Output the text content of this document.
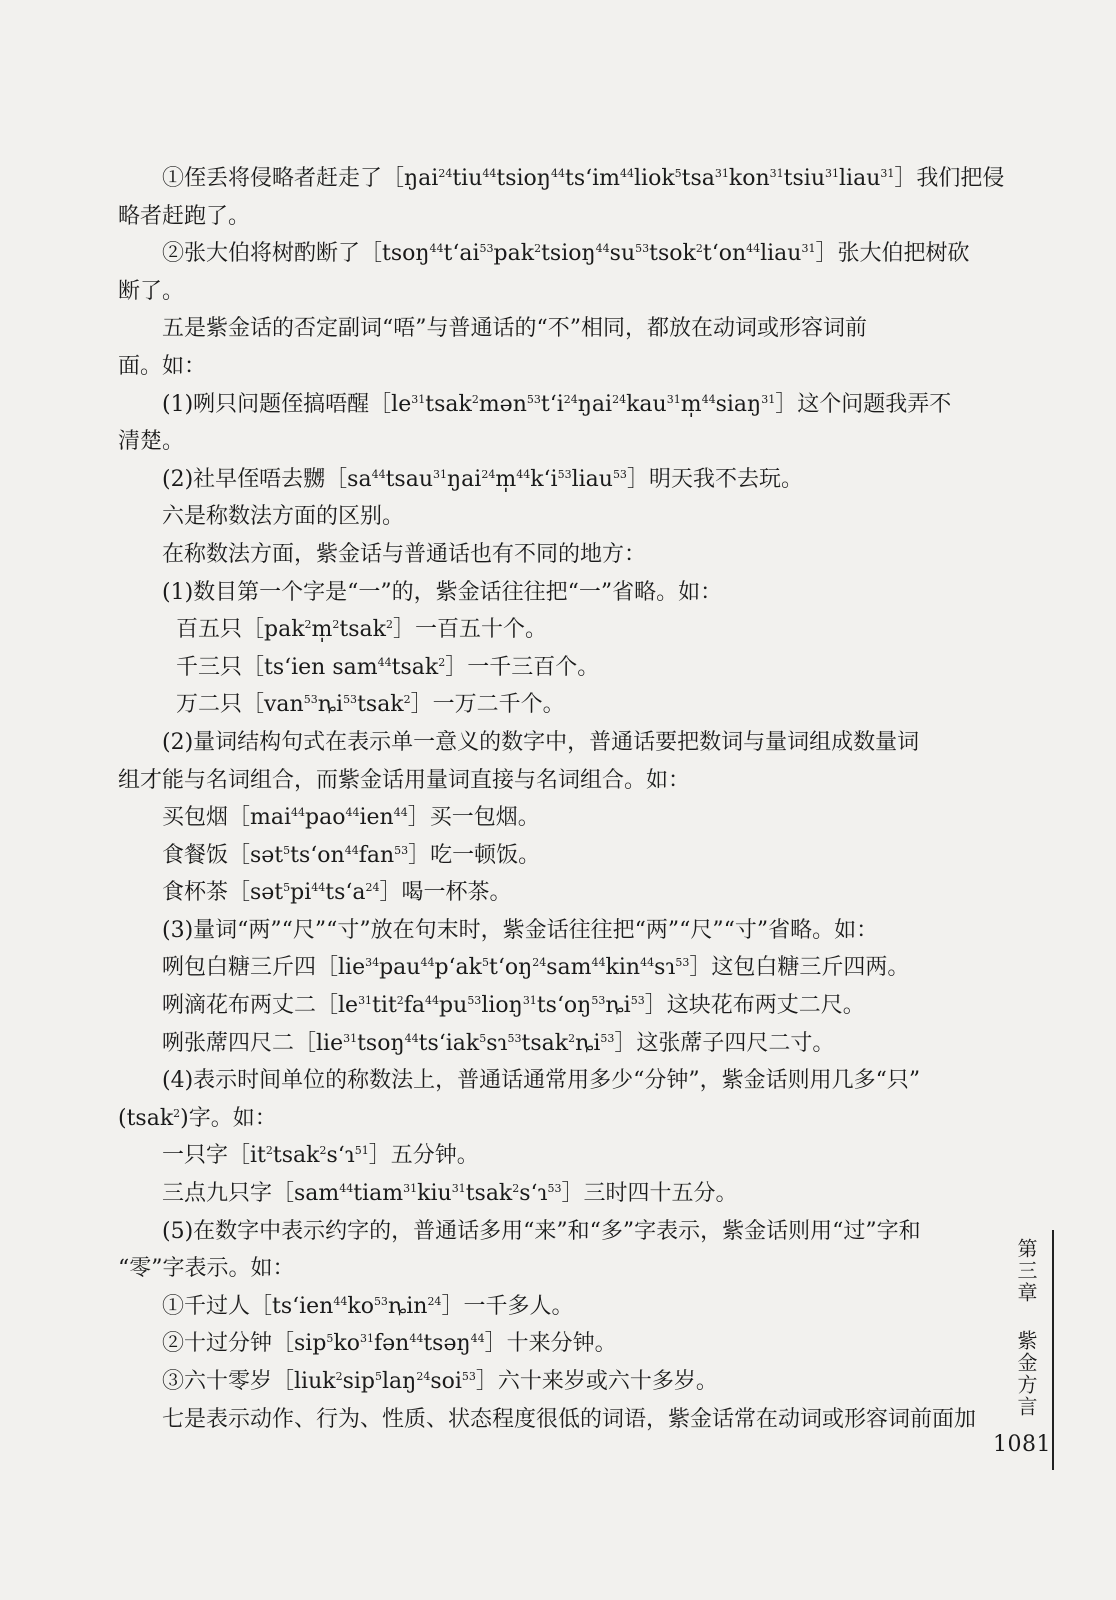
①侄丢将侵略者赶走了$[ŋai^{24}tiu^{44}tsioŋ^{44}ts‘im^{44}liok^5tsa^{31}kon^{31}tsiu^{31}liau^{31}]$我们把侵
略者赶跑了。
②张大伯将树酌断了$[tsoŋ^{44}t‘ai^{53}pak^2tsioŋ^{44}su^{53}tsok^2t‘on^{44}liau^{31}]$张大伯把树砍
断了。
五是紫金话的否定副词“唔”与普通话的“不”相同，都放在动词或形容词前
面。如：
(1)咧只问题侄搞唔醒$[le^{31}tsak^2mən^{53}t‘i^{24}ŋai^{24}kau^{31}m̩^{44}siaŋ^{31}]$这个问题我弄不
清楚。
(2)社早侄唔去嬲$[sa^{44}tsau^{31}ŋai^{24}m̩^{44}k‘i^{53}liau^{53}]$明天我不去玩。
六是称数法方面的区别。
在称数法方面，紫金话与普通话也有不同的地方：
(1)数目第一个字是“一”的，紫金话往往把“一”省略。如：
百五只［pak$^2$m̩$^2$tsak$^2$］一百五十个。
千三只［ts‘ien sam$^{44}$tsak$^2$］一千三百个。
万二只$[van^{53}ȵi^{53}tsak^2]$一万二千个。
(2)量词结构句式在表示单一意义的数字中，普通话要把数词与量词组成数量词
组才能与名词组合，而紫金话用量词直接与名词组合。如：
买包烟［mai$^{44}$pao$^{44}$ien$^{44}$］买一包烟。
食餐饭$[sət^5ts‘on^{44}fan^{53}]$吃一顿饭。
食杯茶$[sət^5pi^{44}ts‘a^{24}]$喝一杯茶。
(3)量词“两”“尺”“寸”放在句末时，紫金话往往把“两”“尺”“寸”省略。如：
咧包白糖三斤四$[lie^{34}pau^{44}p‘ak^5t‘oŋ^{24}sam^{44}kin^{44}sɿ^{53}]$这包白糖三斤四两。
咧滴花布两丈二$[le^{31}tit^2fa^{44}pu^{53}lioŋ^{31}ts‘oŋ^{53}ȵi^{53}]$这块花布两丈二尺。
咧张蓆四尺二$[lie^{31}tsoŋ^{44}ts‘iak^5sɿ^{53}tsak^2ȵi^{53}]$这张蓆子四尺二寸。
(4)表示时间单位的称数法上，普通话通常用多少“分钟”，紫金话则用几多“只”
(tsak$^2$)字。如：
一只字$[it^2tsak^2s‘ɿ^{51}]$五分钟。
三点九只字［sam$^{44}$tiam$^{31}$kiu$^{31}$tsak$^2$s‘ɿ$^{53}$］三时四十五分。
(5)在数字中表示约字的，普通话多用“来”和“多”字表示，紫金话则用“过”字和
“零”字表示。如：
①千过人$[ts‘ien^{44}ko^{53}ȵin^{24}]$一千多人。
②十过分钟$[sip^5ko^{31}fən^{44}tsəŋ^{44}]$十来分钟。
③六十零岁［liuk$^2$sip$^5$laŋ$^{24}$soi$^{53}$］六十来岁或六十多岁。
七是表示动作、行为、性质、状态程度很低的词语，紫金话常在动词或形容词前面加
第三章
紫金方言
1081
